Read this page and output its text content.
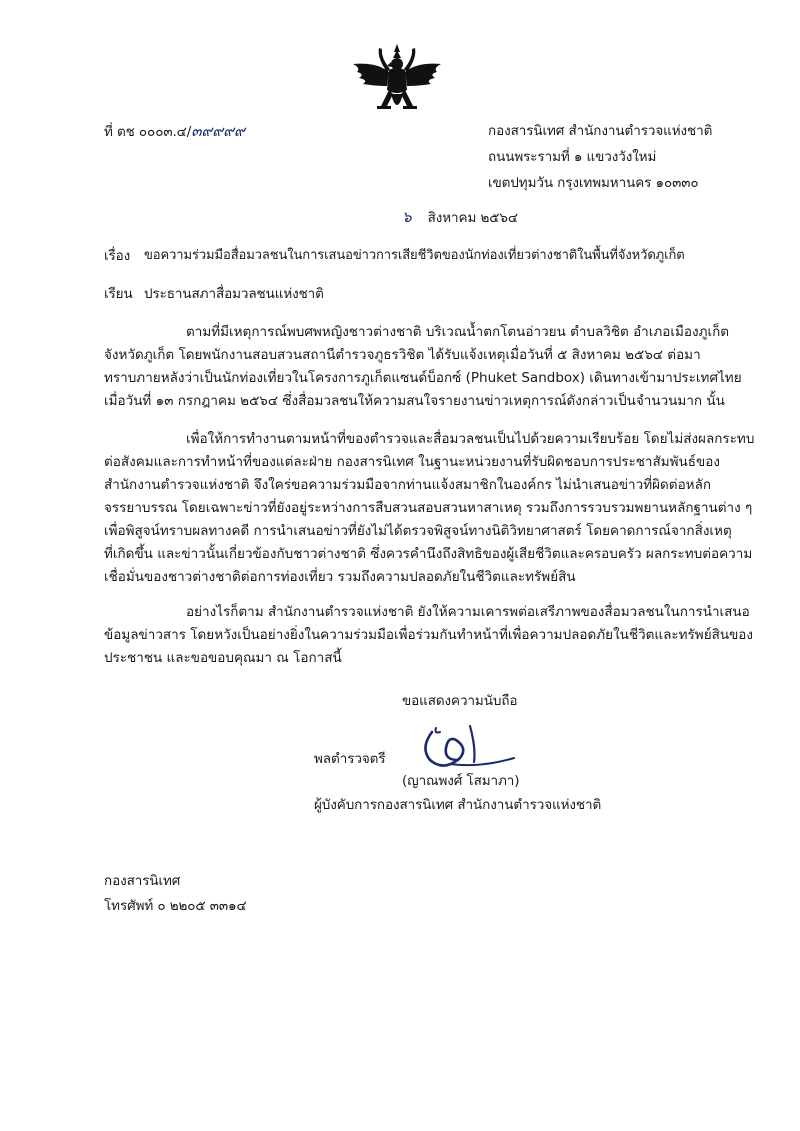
ที่ ตช ๐๐๐๓.๔/๓๙๙๙๙	กองสารนิเทศ สำนักงานตำรวจแห่งชาติ
ถนนพระรามที่ ๑ แขวงวังใหม่
เขตปทุมวัน กรุงเทพมหานคร ๑๐๓๓๐
๖ สิงหาคม ๒๕๖๔
เรื่อง ขอความร่วมมือสื่อมวลชนในการเสนอข่าวการเสียชีวิตของนักท่องเที่ยวต่างชาติในพื้นที่จังหวัดภูเก็ต
เรียน ประธานสภาสื่อมวลชนแห่งชาติ
ตามที่มีเหตุการณ์พบศพหญิงชาวต่างชาติ บริเวณน้ำตกโตนอ่าวยน ตำบลวิชิต อำเภอเมืองภูเก็ต
จังหวัดภูเก็ต โดยพนักงานสอบสวนสถานีตำรวจภูธรวิชิต ได้รับแจ้งเหตุเมื่อวันที่ ๕ สิงหาคม ๒๕๖๔ ต่อมา
ทราบภายหลังว่าเป็นนักท่องเที่ยวในโครงการภูเก็ตแซนด์บ็อกซ์ (Phuket Sandbox) เดินทางเข้ามาประเทศไทย
เมื่อวันที่ ๑๓ กรกฎาคม ๒๕๖๔ ซึ่งสื่อมวลชนให้ความสนใจรายงานข่าวเหตุการณ์ดังกล่าวเป็นจำนวนมาก นั้น
เพื่อให้การทำงานตามหน้าที่ของตำรวจและสื่อมวลชนเป็นไปด้วยความเรียบร้อย โดยไม่ส่งผลกระทบ
ต่อสังคมและการทำหน้าที่ของแต่ละฝ่าย กองสารนิเทศ ในฐานะหน่วยงานที่รับผิดชอบการประชาสัมพันธ์ของ
สำนักงานตำรวจแห่งชาติ จึงใคร่ขอความร่วมมือจากท่านแจ้งสมาชิกในองค์กร ไม่นำเสนอข่าวที่ผิดต่อหลัก
จรรยาบรรณ โดยเฉพาะข่าวที่ยังอยู่ระหว่างการสืบสวนสอบสวนหาสาเหตุ รวมถึงการรวบรวมพยานหลักฐานต่าง ๆ
เพื่อพิสูจน์ทราบผลทางคดี การนำเสนอข่าวที่ยังไม่ได้ตรวจพิสูจน์ทางนิติวิทยาศาสตร์ โดยคาดการณ์จากสิ่งเหตุ
ที่เกิดขึ้น และข่าวนั้นเกี่ยวข้องกับชาวต่างชาติ ซึ่งควรคำนึงถึงสิทธิของผู้เสียชีวิตและครอบครัว ผลกระทบต่อความ
เชื่อมั่นของชาวต่างชาติต่อการท่องเที่ยว รวมถึงความปลอดภัยในชีวิตและทรัพย์สิน
อย่างไรก็ตาม สำนักงานตำรวจแห่งชาติ ยังให้ความเคารพต่อเสรีภาพของสื่อมวลชนในการนำเสนอ
ข้อมูลข่าวสาร โดยหวังเป็นอย่างยิ่งในความร่วมมือเพื่อร่วมกันทำหน้าที่เพื่อความปลอดภัยในชีวิตและทรัพย์สินของ
ประชาชน และขอขอบคุณมา ณ โอกาสนี้
ขอแสดงความนับถือ
พลตำรวจตรี
(ญาณพงศ์ โสมาภา)
ผู้บังคับการกองสารนิเทศ สำนักงานตำรวจแห่งชาติ
กองสารนิเทศ
โทรศัพท์ ๐ ๒๒๐๕ ๓๓๑๔
